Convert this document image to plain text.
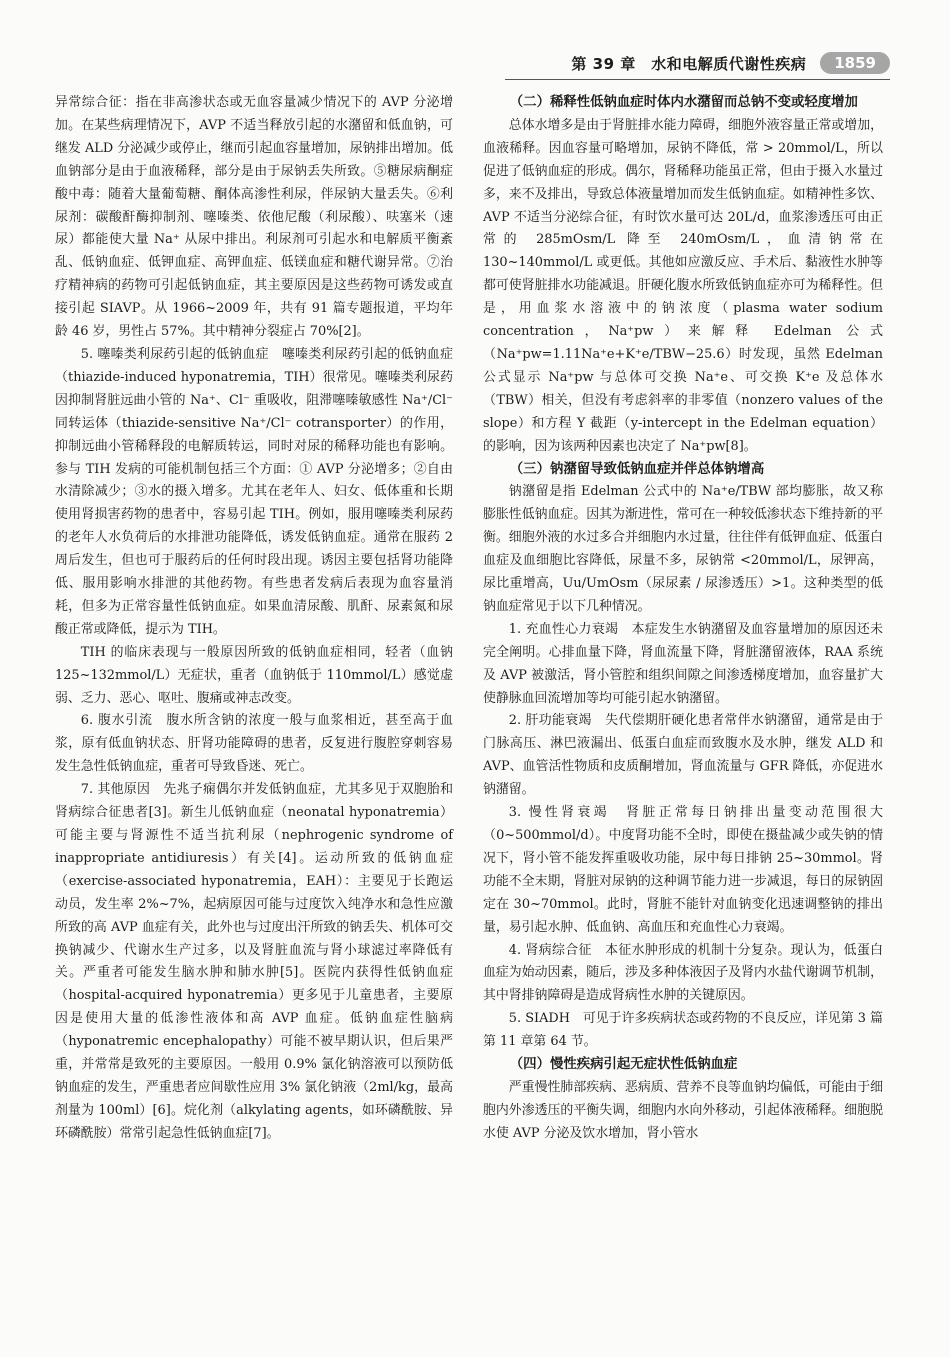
第 39 章　水和电解质代谢性疾病	1859

异常综合征：指在非高渗状态或无血容量减少情况下的 AVP 分泌增加。在某些病理情况下，AVP 不适当释放引起的水潴留和低血钠，可继发 ALD 分泌减少或停止，继而引起血容量增加，尿钠排出增加。低血钠部分是由于血液稀释，部分是由于尿钠丢失所致。⑤糖尿病酮症酸中毒：随着大量葡萄糖、酮体高渗性利尿，伴尿钠大量丢失。⑥利尿剂：碳酸酐酶抑制剂、噻嗪类、依他尼酸（利尿酸）、呋塞米（速尿）都能使大量 Na⁺ 从尿中排出。利尿剂可引起水和电解质平衡紊乱、低钠血症、低钾血症、高钾血症、低镁血症和糖代谢异常。⑦治疗精神病的药物可引起低钠血症，其主要原因是这些药物可诱发或直接引起 SIAVP。从 1966~2009 年，共有 91 篇专题报道，平均年龄 46 岁，男性占 57%。其中精神分裂症占 70%[2]。

5. 噻嗪类利尿药引起的低钠血症　噻嗪类利尿药引起的低钠血症（thiazide-induced hyponatremia，TIH）很常见。噻嗪类利尿药因抑制肾脏远曲小管的 Na⁺、Cl⁻ 重吸收，阻滞噻嗪敏感性 Na⁺/Cl⁻ 同转运体（thiazide-sensitive Na⁺/Cl⁻ cotransporter）的作用，抑制远曲小管稀释段的电解质转运，同时对尿的稀释功能也有影响。参与 TIH 发病的可能机制包括三个方面：① AVP 分泌增多；②自由水清除减少；③水的摄入增多。尤其在老年人、妇女、低体重和长期使用肾损害药物的患者中，容易引起 TIH。例如，服用噻嗪类利尿药的老年人水负荷后的水排泄功能降低，诱发低钠血症。通常在服药 2 周后发生，但也可于服药后的任何时段出现。诱因主要包括肾功能降低、服用影响水排泄的其他药物。有些患者发病后表现为血容量消耗，但多为正常容量性低钠血症。如果血清尿酸、肌酐、尿素氮和尿酸正常或降低，提示为 TIH。

TIH 的临床表现与一般原因所致的低钠血症相同，轻者（血钠 125~132mmol/L）无症状，重者（血钠低于 110mmol/L）感觉虚弱、乏力、恶心、呕吐、腹痛或神志改变。

6. 腹水引流　腹水所含钠的浓度一般与血浆相近，甚至高于血浆，原有低血钠状态、肝肾功能障碍的患者，反复进行腹腔穿刺容易发生急性低钠血症，重者可导致昏迷、死亡。

7. 其他原因　先兆子痫偶尔并发低钠血症，尤其多见于双胞胎和肾病综合征患者[3]。新生儿低钠血症（neonatal hyponatremia）可能主要与肾源性不适当抗利尿（nephrogenic syndrome of inappropriate antidiuresis）有关[4]。运动所致的低钠血症（exercise-associated hyponatremia，EAH）：主要见于长跑运动员，发生率 2%~7%，起病原因可能与过度饮入纯净水和急性应激所致的高 AVP 血症有关，此外也与过度出汗所致的钠丢失、机体可交换钠减少、代谢水生产过多，以及肾脏血流与肾小球滤过率降低有关。严重者可能发生脑水肿和肺水肿[5]。医院内获得性低钠血症（hospital-acquired hyponatremia）更多见于儿童患者，主要原因是使用大量的低渗性液体和高 AVP 血症。低钠血症性脑病（hyponatremic encephalopathy）可能不被早期认识，但后果严重，并常常是致死的主要原因。一般用 0.9% 氯化钠溶液可以预防低钠血症的发生，严重患者应间歇性应用 3% 氯化钠液（2ml/kg，最高剂量为 100ml）[6]。烷化剂（alkylating agents，如环磷酰胺、异环磷酰胺）常常引起急性低钠血症[7]。

（二）稀释性低钠血症时体内水潴留而总钠不变或轻度增加

总体水增多是由于肾脏排水能力障碍，细胞外液容量正常或增加，血液稀释。因血容量可略增加，尿钠不降低，常 > 20mmol/L，所以促进了低钠血症的形成。偶尔，肾稀释功能虽正常，但由于摄入水量过多，来不及排出，导致总体液量增加而发生低钠血症。如精神性多饮、AVP 不适当分泌综合征，有时饮水量可达 20L/d，血浆渗透压可由正常的 285mOsm/L 降至 240mOsm/L，血清钠常在 130~140mmol/L 或更低。其他如应激反应、手术后、黏液性水肿等都可使肾脏排水功能减退。肝硬化腹水所致低钠血症亦可为稀释性。但是，用血浆水溶液中的钠浓度（plasma water sodium concentration，Na⁺pw）来解释 Edelman 公式（Na⁺pw=1.11Na⁺e+K⁺e/TBW−25.6）时发现，虽然 Edelman 公式显示 Na⁺pw 与总体可交换 Na⁺e、可交换 K⁺e 及总体水（TBW）相关，但没有考虑斜率的非零值（nonzero values of the slope）和方程 Y 截距（y-intercept in the Edelman equation）的影响，因为该两种因素也决定了 Na⁺pw[8]。

（三）钠潴留导致低钠血症并伴总体钠增高

钠潴留是指 Edelman 公式中的 Na⁺e/TBW 部均膨胀，故又称膨胀性低钠血症。因其为渐进性，常可在一种较低渗状态下维持新的平衡。细胞外液的水过多合并细胞内水过量，往往伴有低钾血症、低蛋白血症及血细胞比容降低，尿量不多，尿钠常 <20mmol/L，尿钾高，尿比重增高，Uu/UmOsm（尿尿素 / 尿渗透压）>1。这种类型的低钠血症常见于以下几种情况。

1. 充血性心力衰竭　本症发生水钠潴留及血容量增加的原因还未完全阐明。心排血量下降，肾血流量下降，肾脏潴留液体，RAA 系统及 AVP 被激活，肾小管腔和组织间隙之间渗透梯度增加，血容量扩大使静脉血回流增加等均可能引起水钠潴留。

2. 肝功能衰竭　失代偿期肝硬化患者常伴水钠潴留，通常是由于门脉高压、淋巴液漏出、低蛋白血症而致腹水及水肿，继发 ALD 和 AVP、血管活性物质和皮质酮增加，肾血流量与 GFR 降低，亦促进水钠潴留。

3. 慢性肾衰竭　肾脏正常每日钠排出量变动范围很大（0~500mmol/d）。中度肾功能不全时，即使在摄盐减少或失钠的情况下，肾小管不能发挥重吸收功能，尿中每日排钠 25~30mmol。肾功能不全末期，肾脏对尿钠的这种调节能力进一步减退，每日的尿钠固定在 30~70mmol。此时，肾脏不能针对血钠变化迅速调整钠的排出量，易引起水肿、低血钠、高血压和充血性心力衰竭。

4. 肾病综合征　本征水肿形成的机制十分复杂。现认为，低蛋白血症为始动因素，随后，涉及多种体液因子及肾内水盐代谢调节机制，其中肾排钠障碍是造成肾病性水肿的关键原因。

5. SIADH　可见于许多疾病状态或药物的不良反应，详见第 3 篇第 11 章第 64 节。

（四）慢性疾病引起无症状性低钠血症

严重慢性肺部疾病、恶病质、营养不良等血钠均偏低，可能由于细胞内外渗透压的平衡失调，细胞内水向外移动，引起体液稀释。细胞脱水使 AVP 分泌及饮水增加，肾小管水
